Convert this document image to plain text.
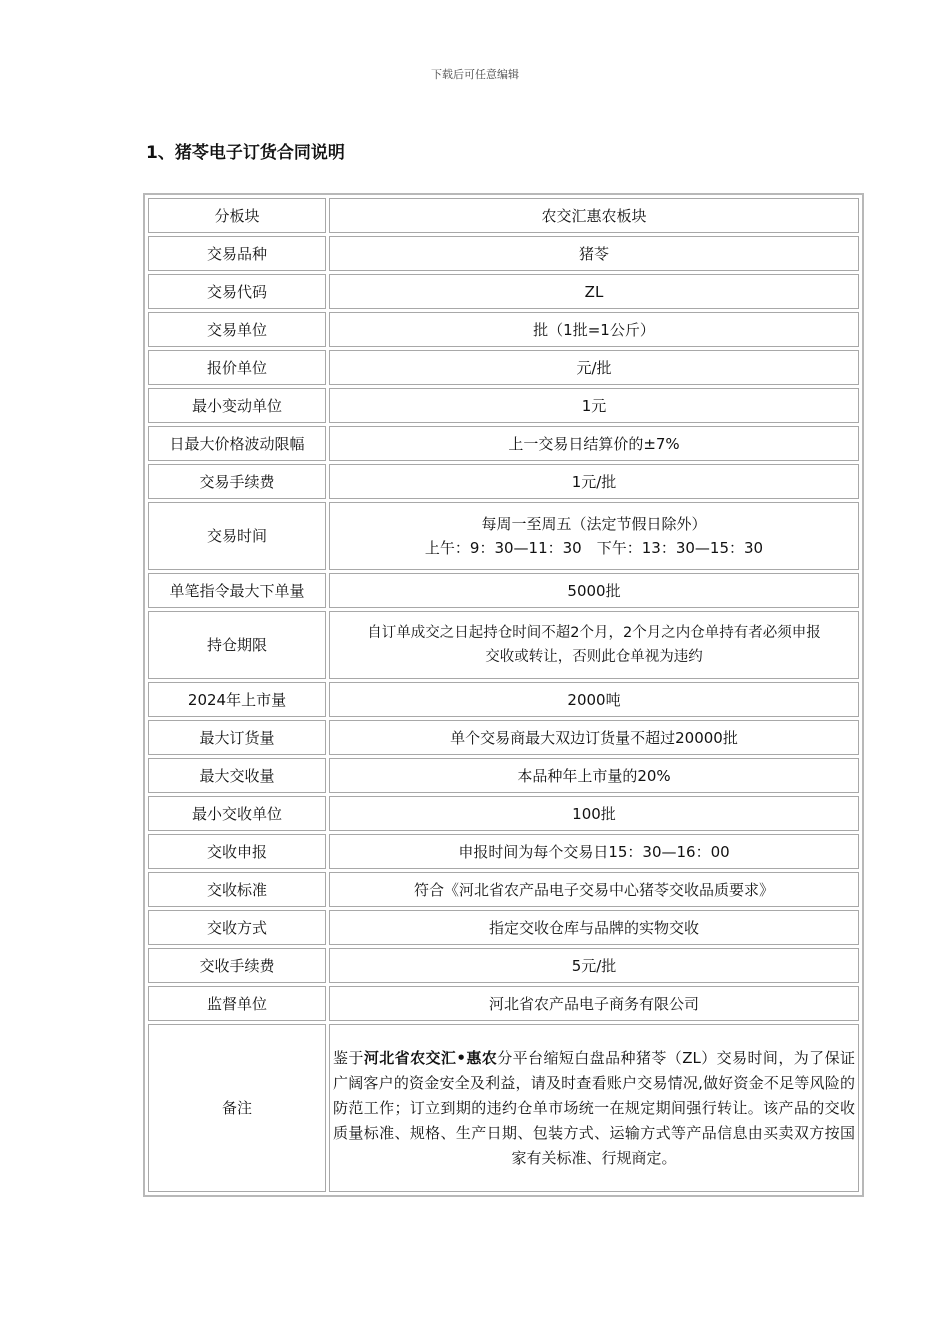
下载后可任意编辑
1、猪苓电子订货合同说明
分板块	农交汇惠农板块
交易品种	猪苓
交易代码	ZL
交易单位	批（1批=1公斤）
报价单位	元/批
最小变动单位	1元
日最大价格波动限幅	上一交易日结算价的±7%
交易手续费	1元/批
交易时间	每周一至周五（法定节假日除外）
上午：9：30—11：30　下午：13：30—15：30

单笔指令最大下单量	5000批
持仓期限	自订单成交之日起持仓时间不超2个月，2个月之内仓单持有者必须申报
交收或转让，否则此仓单视为违约

2024年上市量	2000吨
最大订货量	单个交易商最大双边订货量不超过20000批
最大交收量	本品种年上市量的20%
最小交收单位	100批
交收申报	申报时间为每个交易日15：30—16：00
交收标准	符合《河北省农产品电子交易中心猪苓交收品质要求》
交收方式	指定交收仓库与品牌的实物交收
交收手续费	5元/批
监督单位	河北省农产品电子商务有限公司
备注	鉴于河北省农交汇•惠农分平台缩短白盘品种猪苓（ZL）交易时间，为了保证广阔客户的资金安全及利益，请及时查看账户交易情况,做好资金不足等风险的防范工作；订立到期的违约仓单市场统一在规定期间强行转让。该产品的交收质量标准、规格、生产日期、包装方式、运输方式等产品信息由买卖双方按国家有关标准、行规商定。
